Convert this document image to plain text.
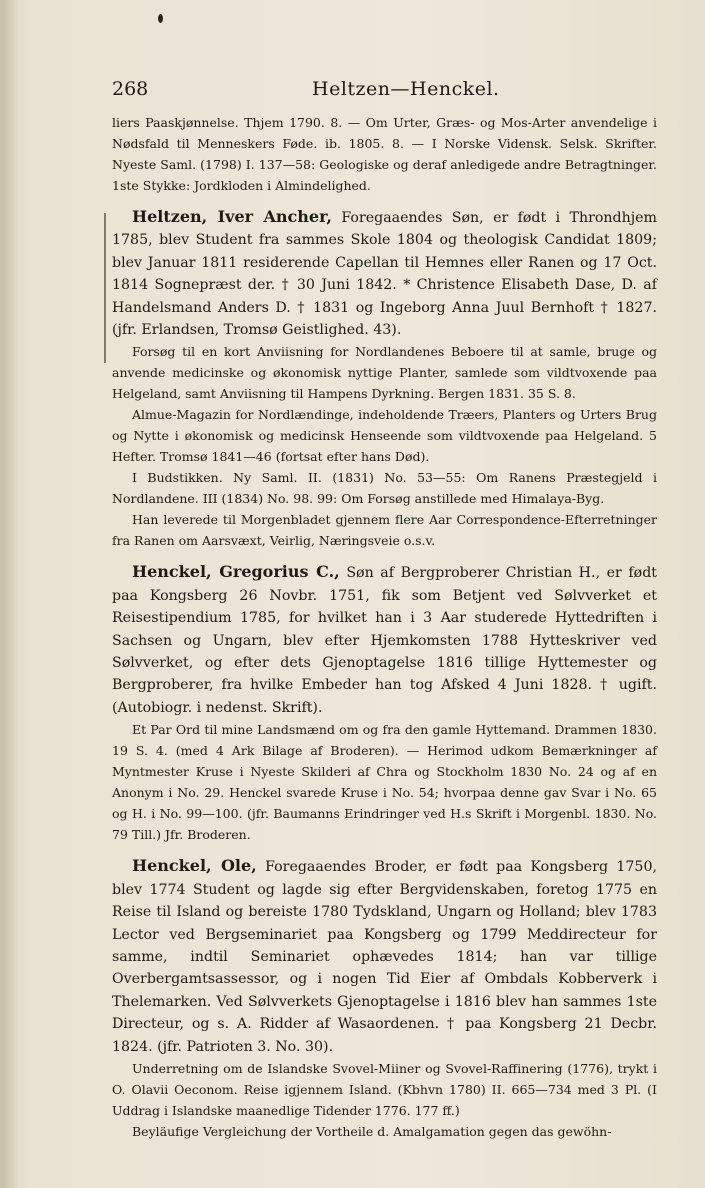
268	Heltzen—Henckel.

liers Paaskjønnelse. Thjem 1790. 8. — Om Urter, Græs- og Mos-Arter anvendelige i Nødsfald til Menneskers Føde. ib. 1805. 8. — I Norske Vidensk. Selsk. Skrifter. Nyeste Saml. (1798) I. 137—58: Geologiske og deraf anledigede andre Betragtninger. 1ste Stykke: Jordkloden i Almindelighed.

Heltzen, Iver Ancher, Foregaaendes Søn, er født i Throndhjem 1785, blev Student fra sammes Skole 1804 og theologisk Candidat 1809; blev Januar 1811 residerende Capellan til Hemnes eller Ranen og 17 Oct. 1814 Sognepræst der. † 30 Juni 1842. * Christence Elisabeth Dase, D. af Handelsmand Anders D. † 1831 og Ingeborg Anna Juul Bernhoft † 1827. (jfr. Erlandsen, Tromsø Geistlighed. 43).

Forsøg til en kort Anviisning for Nordlandenes Beboere til at samle, bruge og anvende medicinske og økonomisk nyttige Planter, samlede som vildtvoxende paa Helgeland, samt Anviisning til Hampens Dyrkning. Bergen 1831. 35 S. 8.

Almue-Magazin for Nordlændinge, indeholdende Træers, Planters og Urters Brug og Nytte i økonomisk og medicinsk Henseende som vildtvoxende paa Helgeland. 5 Hefter. Tromsø 1841—46 (fortsat efter hans Død).

I Budstikken. Ny Saml. II. (1831) No. 53—55: Om Ranens Præstegjeld i Nordlandene. III (1834) No. 98. 99: Om Forsøg anstillede med Himalaya-Byg.

Han leverede til Morgenbladet gjennem flere Aar Correspondence-Efterretninger fra Ranen om Aarsvæxt, Veirlig, Næringsveie o.s.v.

Henckel, Gregorius C., Søn af Bergproberer Christian H., er født paa Kongsberg 26 Novbr. 1751, fik som Betjent ved Sølvverket et Reisestipendium 1785, for hvilket han i 3 Aar studerede Hyttedriften i Sachsen og Ungarn, blev efter Hjemkomsten 1788 Hytteskriver ved Sølvverket, og efter dets Gjenoptagelse 1816 tillige Hyttemester og Bergproberer, fra hvilke Embeder han tog Afsked 4 Juni 1828. † ugift. (Autobiogr. i nedenst. Skrift).

Et Par Ord til mine Landsmænd om og fra den gamle Hyttemand. Drammen 1830. 19 S. 4. (med 4 Ark Bilage af Broderen). — Herimod udkom Bemærkninger af Myntmester Kruse i Nyeste Skilderi af Chra og Stockholm 1830 No. 24 og af en Anonym i No. 29. Henckel svarede Kruse i No. 54; hvorpaa denne gav Svar i No. 65 og H. i No. 99—100. (jfr. Baumanns Erindringer ved H.s Skrift i Morgenbl. 1830. No. 79 Till.) Jfr. Broderen.

Henckel, Ole, Foregaaendes Broder, er født paa Kongsberg 1750, blev 1774 Student og lagde sig efter Bergvidenskaben, foretog 1775 en Reise til Island og bereiste 1780 Tydskland, Ungarn og Holland; blev 1783 Lector ved Bergseminariet paa Kongsberg og 1799 Meddirecteur for samme, indtil Seminariet ophævedes 1814; han var tillige Overbergamtsassessor, og i nogen Tid Eier af Ombdals Kobberverk i Thelemarken. Ved Sølvverkets Gjenoptagelse i 1816 blev han sammes 1ste Directeur, og s. A. Ridder af Wasaordenen. † paa Kongsberg 21 Decbr. 1824. (jfr. Patrioten 3. No. 30).

Underretning om de Islandske Svovel-Miiner og Svovel-Raffinering (1776), trykt i O. Olavii Oeconom. Reise igjennem Island. (Kbhvn 1780) II. 665—734 med 3 Pl. (I Uddrag i Islandske maanedlige Tidender 1776. 177 ff.)

Beyläufige Vergleichung der Vortheile d. Amalgamation gegen das gewöhn-
